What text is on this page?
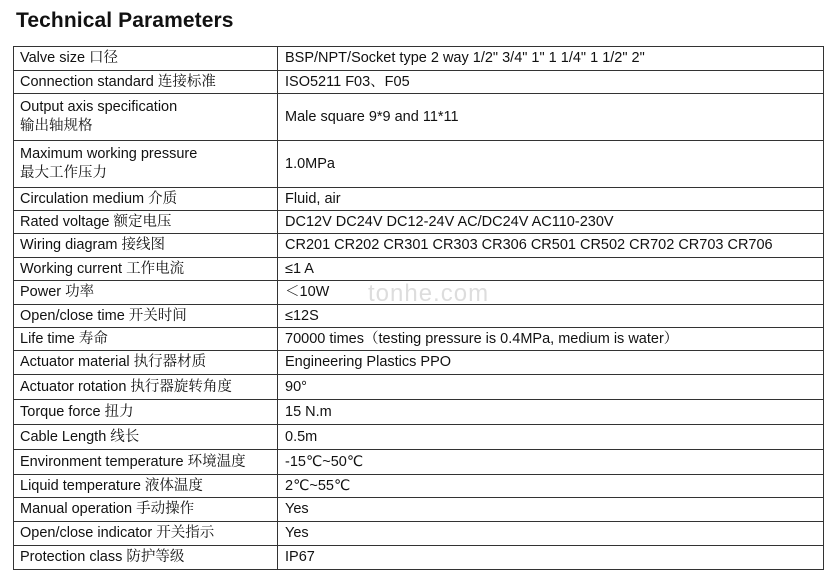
Technical Parameters
Valve size 口径	BSP/NPT/Socket type 2 way 1/2" 3/4" 1" 1 1/4" 1 1/2" 2"

Connection standard 连接标准	ISO5211 F03、F05

Output axis specification
输出轴规格	Male square 9*9 and 11*11

Maximum working pressure
最大工作压力	1.0MPa

Circulation medium 介质	Fluid, air

Rated voltage 额定电压	DC12V DC24V DC12-24V AC/DC24V AC110-230V

Wiring diagram 接线图	CR201 CR202 CR301 CR303 CR306 CR501 CR502 CR702 CR703 CR706

Working current 工作电流	≤1 A

Power 功率	＜10W

Open/close time 开关时间	≤12S

Life time 寿命	70000 times（testing pressure is 0.4MPa, medium is water）

Actuator material 执行器材质	Engineering Plastics PPO

Actuator rotation 执行器旋转角度	90°

Torque force 扭力	15 N.m

Cable Length 线长	0.5m

Environment temperature 环境温度	-15℃~50℃

Liquid temperature 液体温度	2℃~55℃

Manual operation 手动操作	Yes

Open/close indicator 开关指示	Yes

Protection class 防护等级	IP67
tonhe.com
